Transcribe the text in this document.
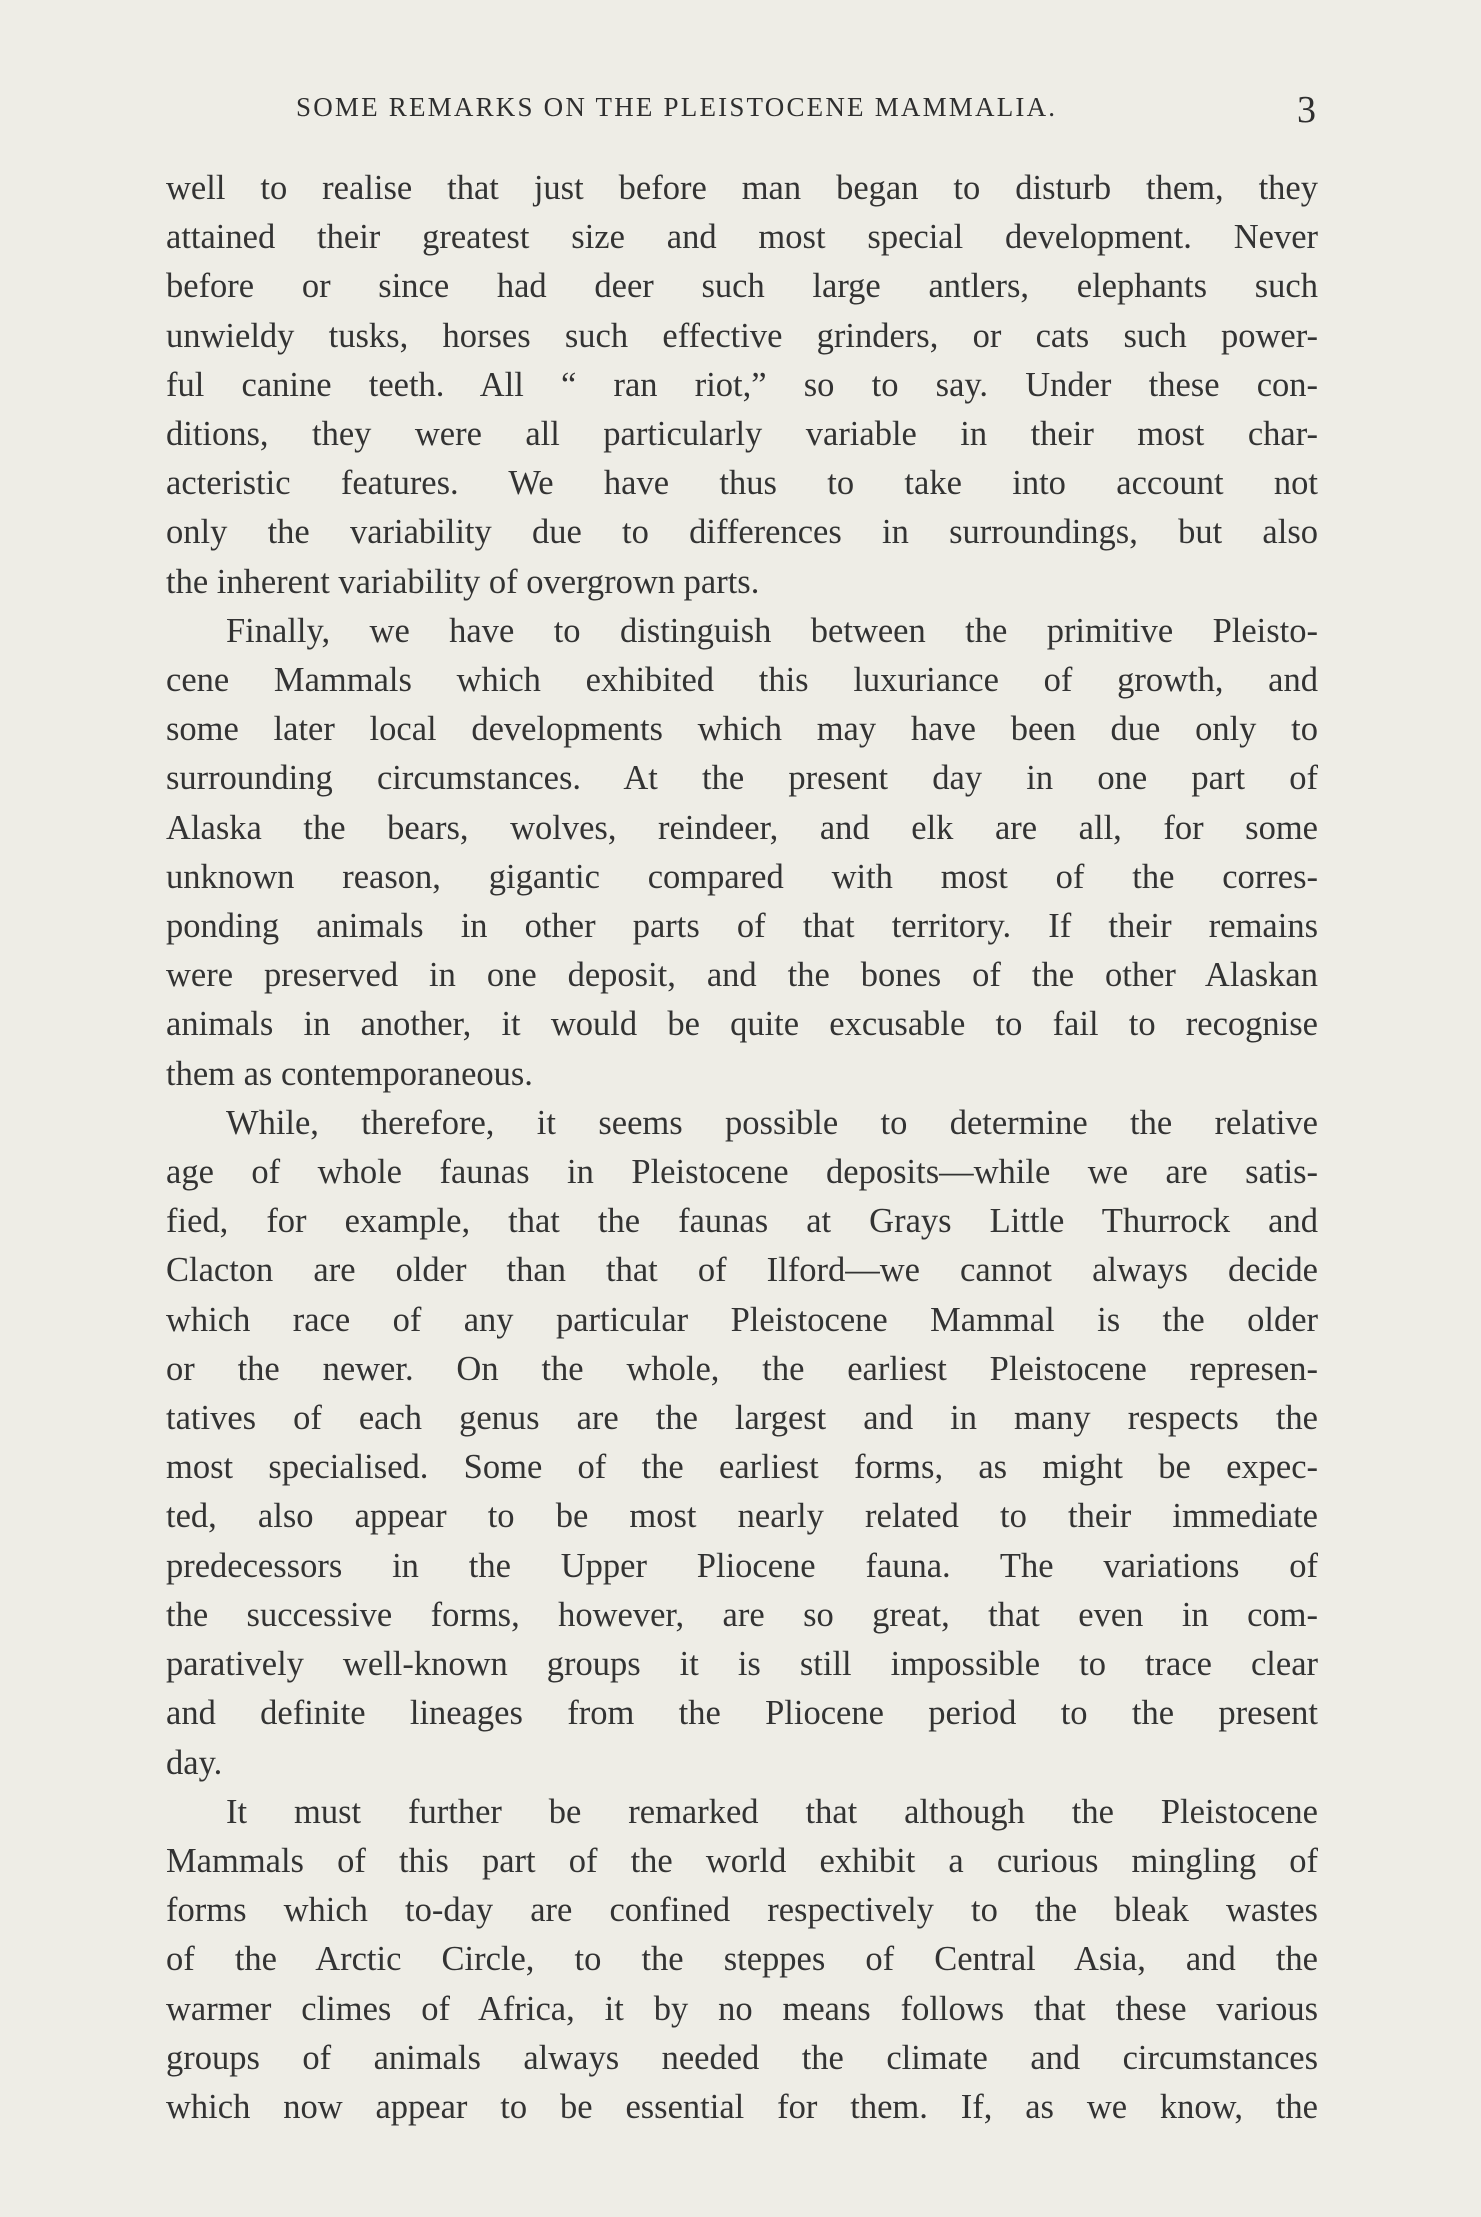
SOME REMARKS ON THE PLEISTOCENE MAMMALIA.	3
well to realise that just before man began to disturb them, they
attained their greatest size and most special development. Never
before or since had deer such large antlers, elephants such
unwieldy tusks, horses such effective grinders, or cats such power-
ful canine teeth. All “ ran riot,” so to say. Under these con-
ditions, they were all particularly variable in their most char-
acteristic features. We have thus to take into account not
only the variability due to differences in surroundings, but also
the inherent variability of overgrown parts.
Finally, we have to distinguish between the primitive Pleisto-
cene Mammals which exhibited this luxuriance of growth, and
some later local developments which may have been due only to
surrounding circumstances. At the present day in one part of
Alaska the bears, wolves, reindeer, and elk are all, for some
unknown reason, gigantic compared with most of the corres-
ponding animals in other parts of that territory. If their remains
were preserved in one deposit, and the bones of the other Alaskan
animals in another, it would be quite excusable to fail to recognise
them as contemporaneous.
While, therefore, it seems possible to determine the relative
age of whole faunas in Pleistocene deposits—while we are satis-
fied, for example, that the faunas at Grays Little Thurrock and
Clacton are older than that of Ilford—we cannot always decide
which race of any particular Pleistocene Mammal is the older
or the newer. On the whole, the earliest Pleistocene represen-
tatives of each genus are the largest and in many respects the
most specialised. Some of the earliest forms, as might be expec-
ted, also appear to be most nearly related to their immediate
predecessors in the Upper Pliocene fauna. The variations of
the successive forms, however, are so great, that even in com-
paratively well-known groups it is still impossible to trace clear
and definite lineages from the Pliocene period to the present
day.
It must further be remarked that although the Pleistocene
Mammals of this part of the world exhibit a curious mingling of
forms which to-day are confined respectively to the bleak wastes
of the Arctic Circle, to the steppes of Central Asia, and the
warmer climes of Africa, it by no means follows that these various
groups of animals always needed the climate and circumstances
which now appear to be essential for them. If, as we know, the
